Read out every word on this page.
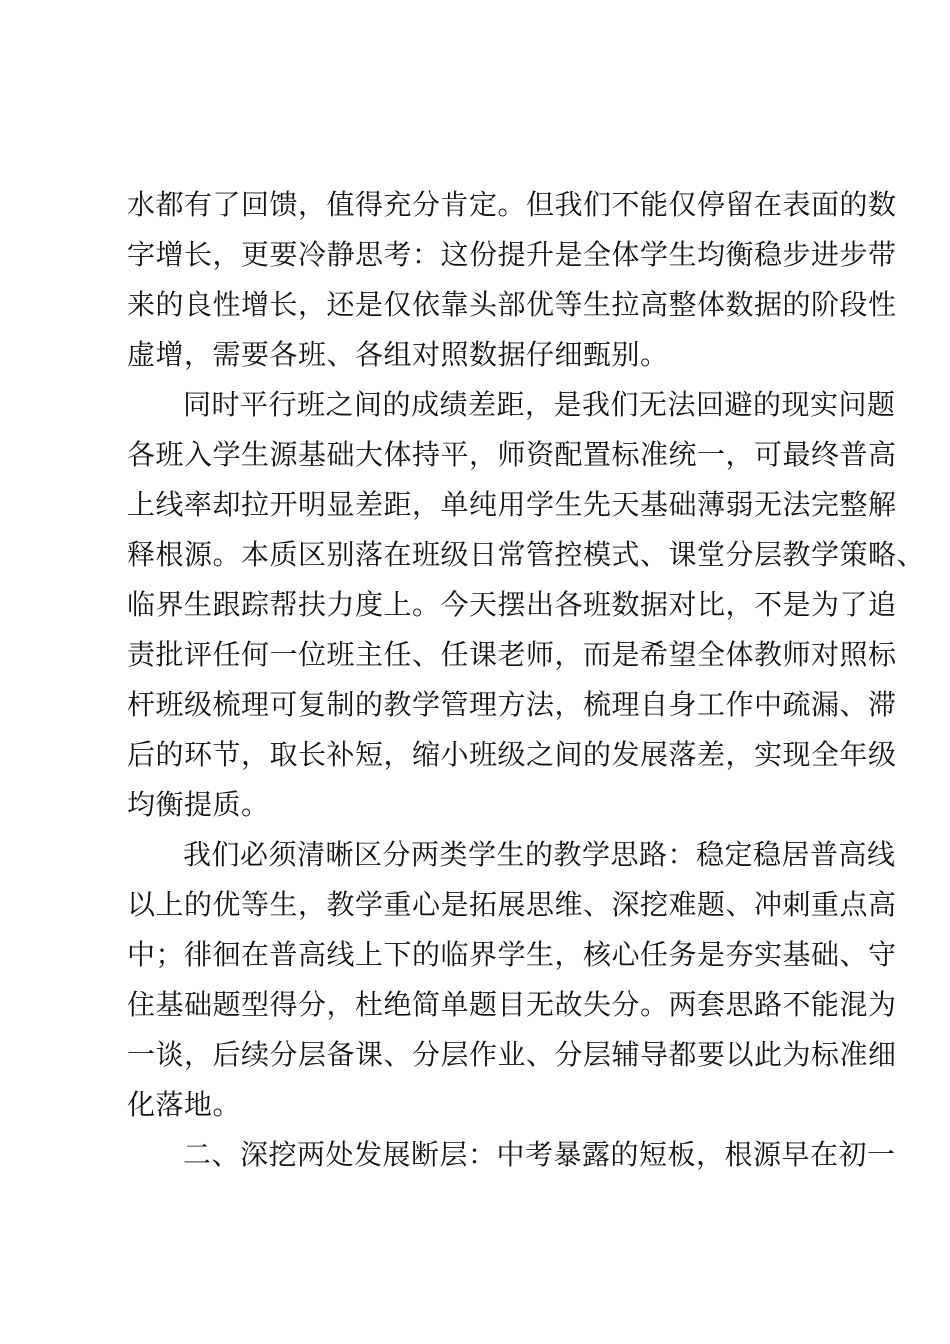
水都有了回馈，值得充分肯定。但我们不能仅停留在表面的数
字增长，更要冷静思考：这份提升是全体学生均衡稳步进步带
来的良性增长，还是仅依靠头部优等生拉高整体数据的阶段性
虚增，需要各班、各组对照数据仔细甄别。
同时平行班之间的成绩差距，是我们无法回避的现实问题
各班入学生源基础大体持平，师资配置标准统一，可最终普高
上线率却拉开明显差距，单纯用学生先天基础薄弱无法完整解
释根源。本质区别落在班级日常管控模式、课堂分层教学策略、
临界生跟踪帮扶力度上。今天摆出各班数据对比，不是为了追
责批评任何一位班主任、任课老师，而是希望全体教师对照标
杆班级梳理可复制的教学管理方法，梳理自身工作中疏漏、滞
后的环节，取长补短，缩小班级之间的发展落差，实现全年级
均衡提质。
我们必须清晰区分两类学生的教学思路：稳定稳居普高线
以上的优等生，教学重心是拓展思维、深挖难题、冲刺重点高
中；徘徊在普高线上下的临界学生，核心任务是夯实基础、守
住基础题型得分，杜绝简单题目无故失分。两套思路不能混为
一谈，后续分层备课、分层作业、分层辅导都要以此为标准细
化落地。
二、深挖两处发展断层：中考暴露的短板，根源早在初一
